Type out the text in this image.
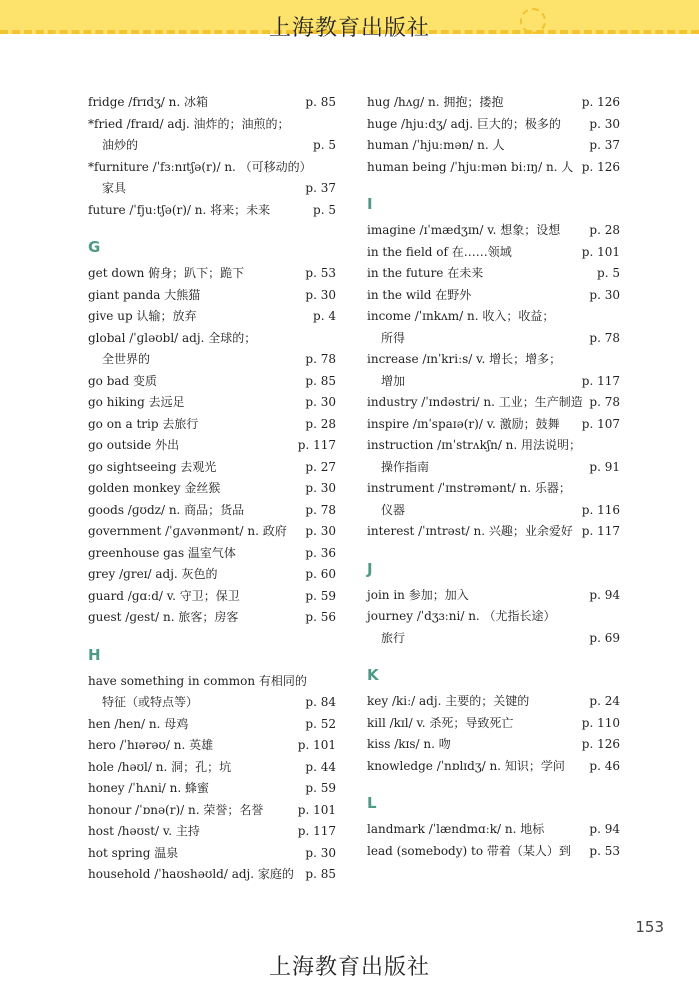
上海教育出版社
fridge /frɪdʒ/ n. 冰箱	p. 85
*fried /fraɪd/ adj. 油炸的；油煎的；
油炒的	p. 5
*furniture /ˈfɜːnɪtʃə(r)/ n. （可移动的）
家具	p. 37
future /ˈfjuːtʃə(r)/ n. 将来；未来	p. 5
G
get down 俯身；趴下；跪下	p. 53
giant panda 大熊猫	p. 30
give up 认输；放弃	p. 4
global /ˈɡləʊbl/ adj. 全球的；
全世界的	p. 78
go bad 变质	p. 85
go hiking 去远足	p. 30
go on a trip 去旅行	p. 28
go outside 外出	p. 117
go sightseeing 去观光	p. 27
golden monkey 金丝猴	p. 30
goods /ɡʊdz/ n. 商品；货品	p. 78
government /ˈɡʌvənmənt/ n. 政府 p. 30
greenhouse gas 温室气体	p. 36
grey /ɡreɪ/ adj. 灰色的	p. 60
guard /ɡɑːd/ v. 守卫；保卫	p. 59
guest /ɡest/ n. 旅客；房客	p. 56
H
have something in common 有相同的
特征（或特点等）	p. 84
hen /hen/ n. 母鸡	p. 52
hero /ˈhɪərəʊ/ n. 英雄	p. 101
hole /həʊl/ n. 洞；孔；坑	p. 44
honey /ˈhʌni/ n. 蜂蜜	p. 59
honour /ˈɒnə(r)/ n. 荣誉；名誉	p. 101
host /həʊst/ v. 主持	p. 117
hot spring 温泉	p. 30
household /ˈhaʊshəʊld/ adj. 家庭的 p. 85
hug /hʌɡ/ n. 拥抱；搂抱	p. 126
huge /hjuːdʒ/ adj. 巨大的；极多的 p. 30
human /ˈhjuːmən/ n. 人	p. 37
human being /ˈhjuːmən biːɪŋ/ n. 人 p. 126
I
imagine /ɪˈmædʒɪn/ v. 想象；设想 p. 28
in the field of 在……领域	p. 101
in the future 在未来	p. 5
in the wild 在野外	p. 30
income /ˈɪnkʌm/ n. 收入；收益；
所得	p. 78
increase /ɪnˈkriːs/ v. 增长；增多；
增加	p. 117
industry /ˈɪndəstri/ n. 工业；生产制造 p. 78
inspire /ɪnˈspaɪə(r)/ v. 激励；鼓舞 p. 107
instruction /ɪnˈstrʌkʃn/ n. 用法说明；
操作指南	p. 91
instrument /ˈɪnstrəmənt/ n. 乐器；
仪器	p. 116
interest /ˈɪntrəst/ n. 兴趣；业余爱好 p. 117
J
join in 参加；加入	p. 94
journey /ˈdʒɜːni/ n. （尤指长途）
旅行	p. 69
K
key /kiː/ adj. 主要的；关键的	p. 24
kill /kɪl/ v. 杀死；导致死亡	p. 110
kiss /kɪs/ n. 吻	p. 126
knowledge /ˈnɒlɪdʒ/ n. 知识；学问 p. 46
L
landmark /ˈlændmɑːk/ n. 地标	p. 94
lead (somebody) to 带着（某人）到 p. 53
153
上海教育出版社
